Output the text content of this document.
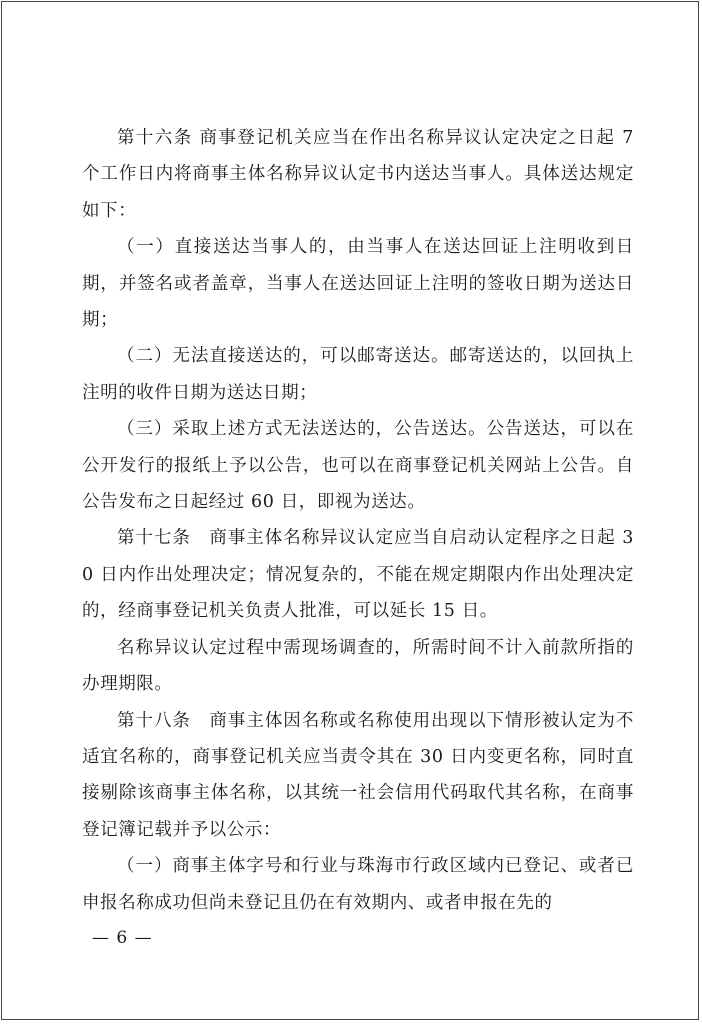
第十六条 商事登记机关应当在作出名称异议认定决定之日起 7 个工作日内将商事主体名称异议认定书内送达当事人。具体送达规定如下：

（一）直接送达当事人的，由当事人在送达回证上注明收到日期，并签名或者盖章，当事人在送达回证上注明的签收日期为送达日期；

（二）无法直接送达的，可以邮寄送达。邮寄送达的，以回执上注明的收件日期为送达日期；

（三）采取上述方式无法送达的，公告送达。公告送达，可以在公开发行的报纸上予以公告，也可以在商事登记机关网站上公告。自公告发布之日起经过 60 日，即视为送达。

第十七条　商事主体名称异议认定应当自启动认定程序之日起 30 日内作出处理决定；情况复杂的，不能在规定期限内作出处理决定的，经商事登记机关负责人批准，可以延长 15 日。

名称异议认定过程中需现场调查的，所需时间不计入前款所指的办理期限。

第十八条　商事主体因名称或名称使用出现以下情形被认定为不适宜名称的，商事登记机关应当责令其在 30 日内变更名称，同时直接剔除该商事主体名称，以其统一社会信用代码取代其名称，在商事登记簿记载并予以公示：

（一）商事主体字号和行业与珠海市行政区域内已登记、或者已申报名称成功但尚未登记且仍在有效期内、或者申报在先的

— 6 —
